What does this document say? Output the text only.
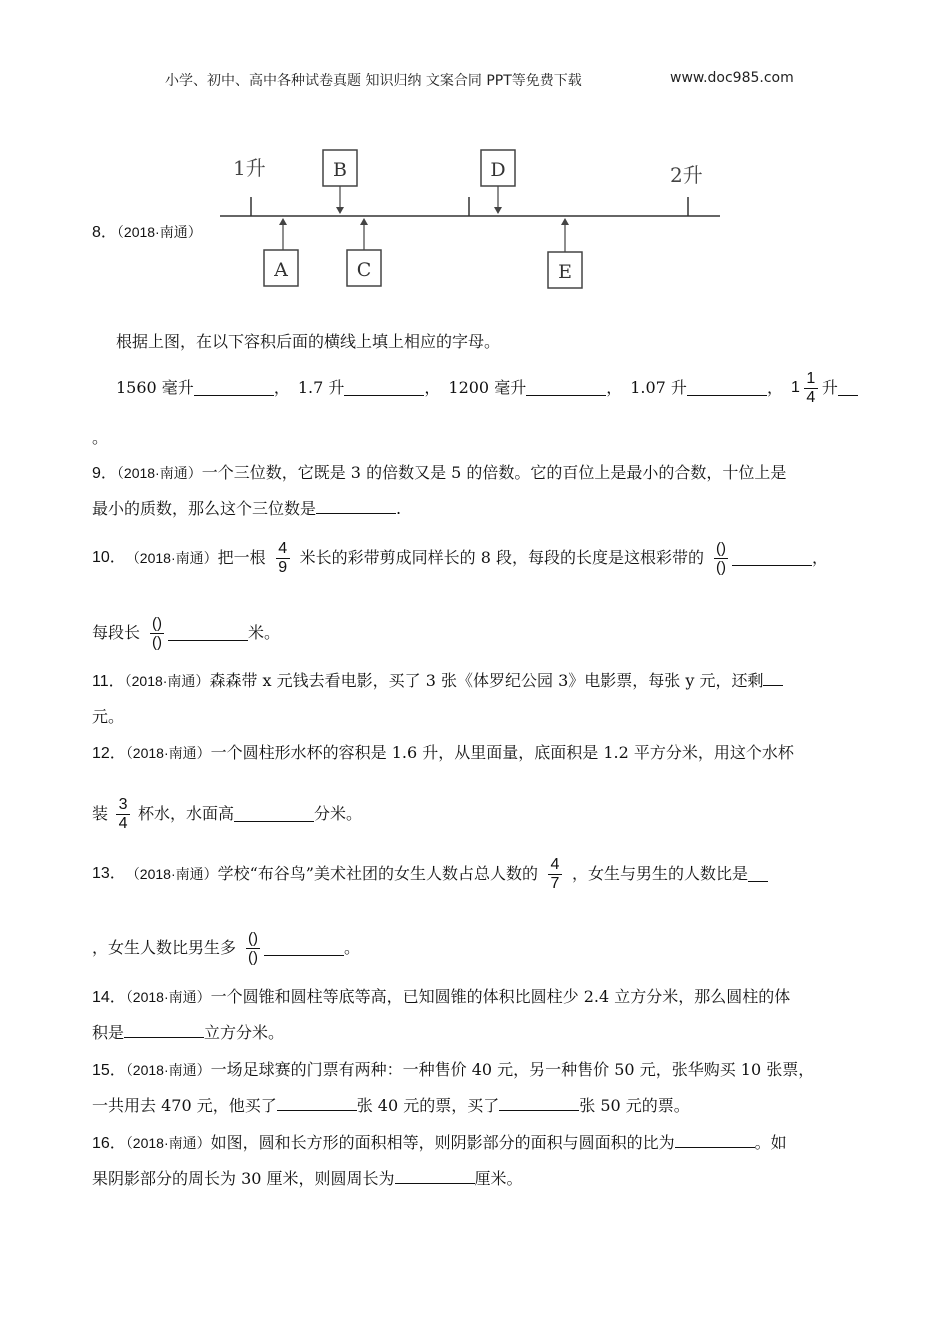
小学、初中、高中各种试卷真题 知识归纳 文案合同 PPT等免费下载	www.doc985.com
1升	2升
B	D
A	C	E
8．（2018·南通）
根据上图，在以下容积后面的横线上填上相应的字母。
1560 毫升	， 1.7 升	， 1200 毫升	， 1.07 升	， $1 \frac{1}{4}$ 升
。
9．（2018·南通）一个三位数，它既是 3 的倍数又是 5 的倍数。它的百位上是最小的合数，十位上是
最小的质数，那么这个三位数是	.
10． （2018·南通） 把一根 $\frac{4}{9}$ 米长的彩带剪成同样长的 8 段，每段的长度是这根彩带的 $\frac{()}{()}$	，
每段长 $\frac{()}{()}$	米。
11．（2018·南通）森森带 x 元钱去看电影，买了 3 张《体罗纪公园 3》电影票，每张 y 元，还剩
元。
12．（2018·南通）一个圆柱形水杯的容积是 1.6 升，从里面量，底面积是 1.2 平方分米，用这个水杯
装 $\frac{3}{4}$ 杯水，水面高	分米。
13． （2018·南通） 学校“布谷鸟”美术社团的女生人数占总人数的 $\frac{4}{7}$ ，女生与男生的人数比是
，女生人数比男生多 $\frac{()}{()}$	。
14．（2018·南通）一个圆锥和圆柱等底等高，已知圆锥的体积比圆柱少 2.4 立方分米，那么圆柱的体
积是	立方分米。
15．（2018·南通）一场足球赛的门票有两种：一种售价 40 元，另一种售价 50 元，张华购买 10 张票，
一共用去 470 元，他买了	张 40 元的票，买了	张 50 元的票。
16．（2018·南通）如图，圆和长方形的面积相等，则阴影部分的面积与圆面积的比为	。如
果阴影部分的周长为 30 厘米，则圆周长为	厘米。
